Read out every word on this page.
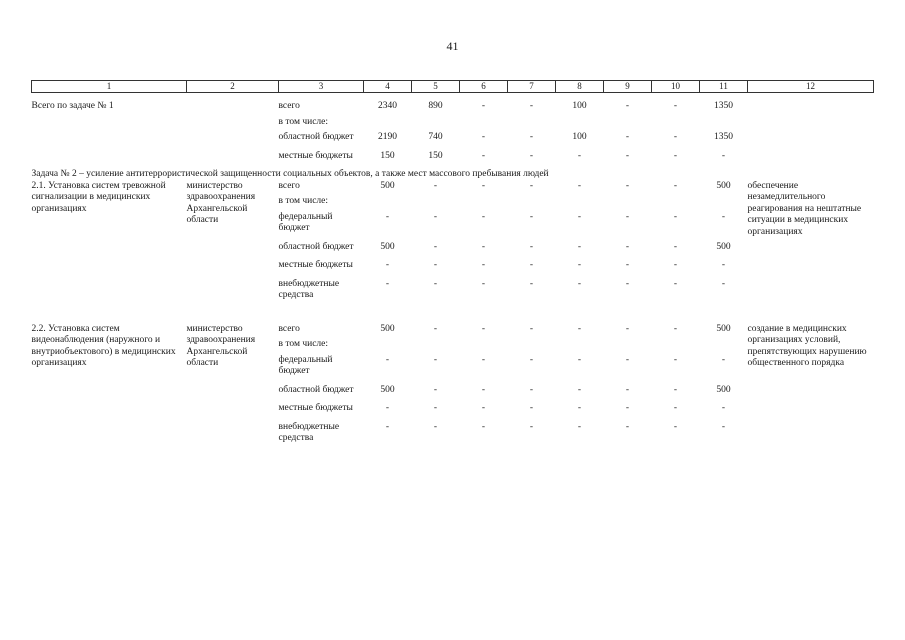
41
1	2	3	4	5	6	7	8	9	10	11	12

Всего по задаче № 1		всего	2340	890	-	-	100	-	-	1350	
		в том числе:									
		областной бюджет	2190	740	-	-	100	-	-	1350	
		местные бюджеты	150	150	-	-	-	-	-	-	
Задача № 2 – усиление антитеррористической защищенности социальных объектов, а также мест массового пребывания людей											
2.1. Установка систем тревожной сигнализации в медицинских организациях	министерство здравоохранения Архангельской области	всего	500	-	-	-	-	-	-	500	обеспечение незамедлительного реагирования на нештатные ситуации в медицинских организациях
		в том числе:									
		федеральный бюджет	-	-	-	-	-	-	-	-	
		областной бюджет	500	-	-	-	-	-	-	500	
		местные бюджеты	-	-	-	-	-	-	-	-	
		внебюджетные средства	-	-	-	-	-	-	-	-	

2.2. Установка систем видеонаблюдения (наружного и внутриобъектового) в медицинских организациях	министерство здравоохранения Архангельской области	всего	500	-	-	-	-	-	-	500	создание в медицинских организациях условий, препятствующих нарушению общественного порядка
		в том числе:									
		федеральный бюджет	-	-	-	-	-	-	-	-	
		областной бюджет	500	-	-	-	-	-	-	500	
		местные бюджеты	-	-	-	-	-	-	-	-	
		внебюджетные средства	-	-	-	-	-	-	-	-	
